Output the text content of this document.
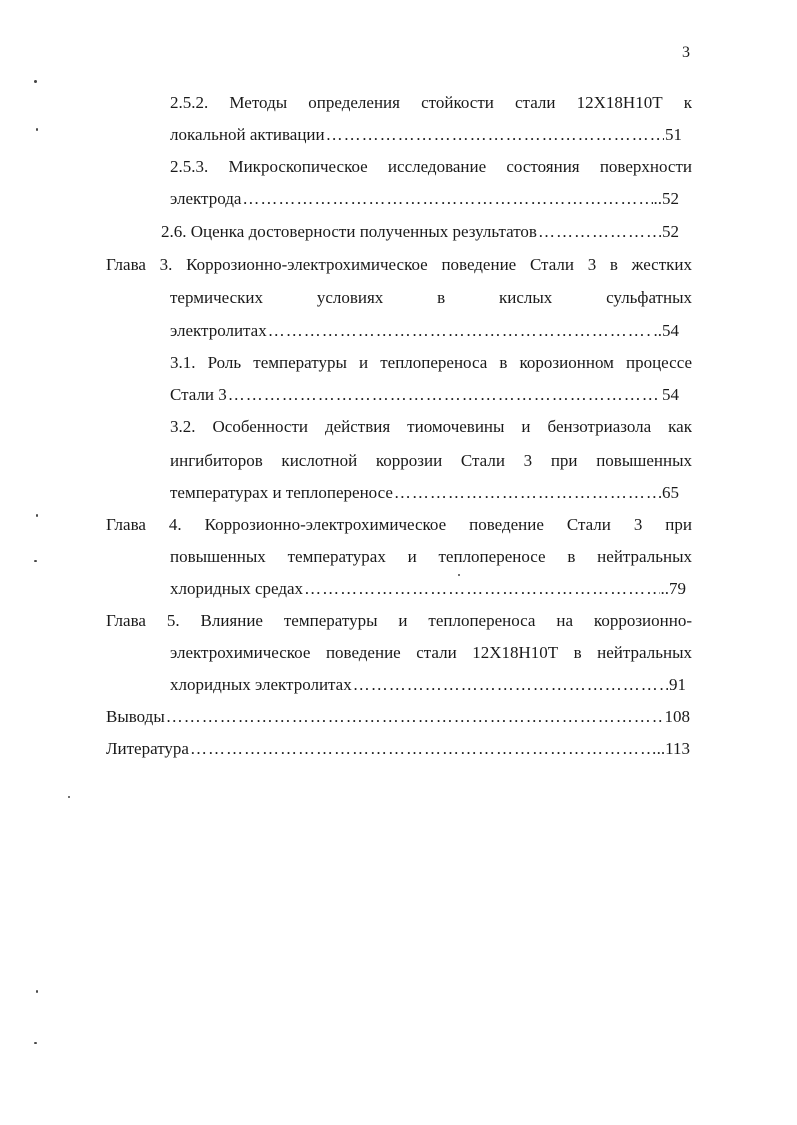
3
2.5.2. Методы определения стойкости стали 12Х18Н10Т к
локальной активации ………………………………………………………………………………………………………………………………………………………………	51
2.5.3. Микроскопическое исследование состояния поверхности
электрода ………………………………………………………………………………………………………………………………………………………………	..52
2.6. Оценка достоверности полученных результатов ………………………………………………………………………………………………………………………………………………………………	52
Глава 3. Коррозионно-электрохимическое поведение Стали 3 в жестких
термических условиях в кислых сульфатных
электролитах ………………………………………………………………………………………………………………………………………………………………	..54
3.1. Роль температуры и теплопереноса в корозионном процессе
Стали 3 ………………………………………………………………………………………………………………………………………………………………	54
3.2. Особенности действия тиомочевины и бензотриазола как
ингибиторов кислотной коррозии Стали 3 при повышенных
температурах и теплопереносе ………………………………………………………………………………………………………………………………………………………………	65
Глава 4. Коррозионно-электрохимическое поведение Стали 3 при
повышенных температурах и теплопереносе в нейтральных
хлоридных средах ………………………………………………………………………………………………………………………………………………………………	..79
Глава 5. Влияние температуры и теплопереноса на коррозионно-
электрохимическое поведение стали 12Х18Н10Т в нейтральных
хлоридных электролитах ………………………………………………………………………………………………………………………………………………………………	91
Выводы ………………………………………………………………………………………………………………………………………………………………	108
Литература ………………………………………………………………………………………………………………………………………………………………	..113
